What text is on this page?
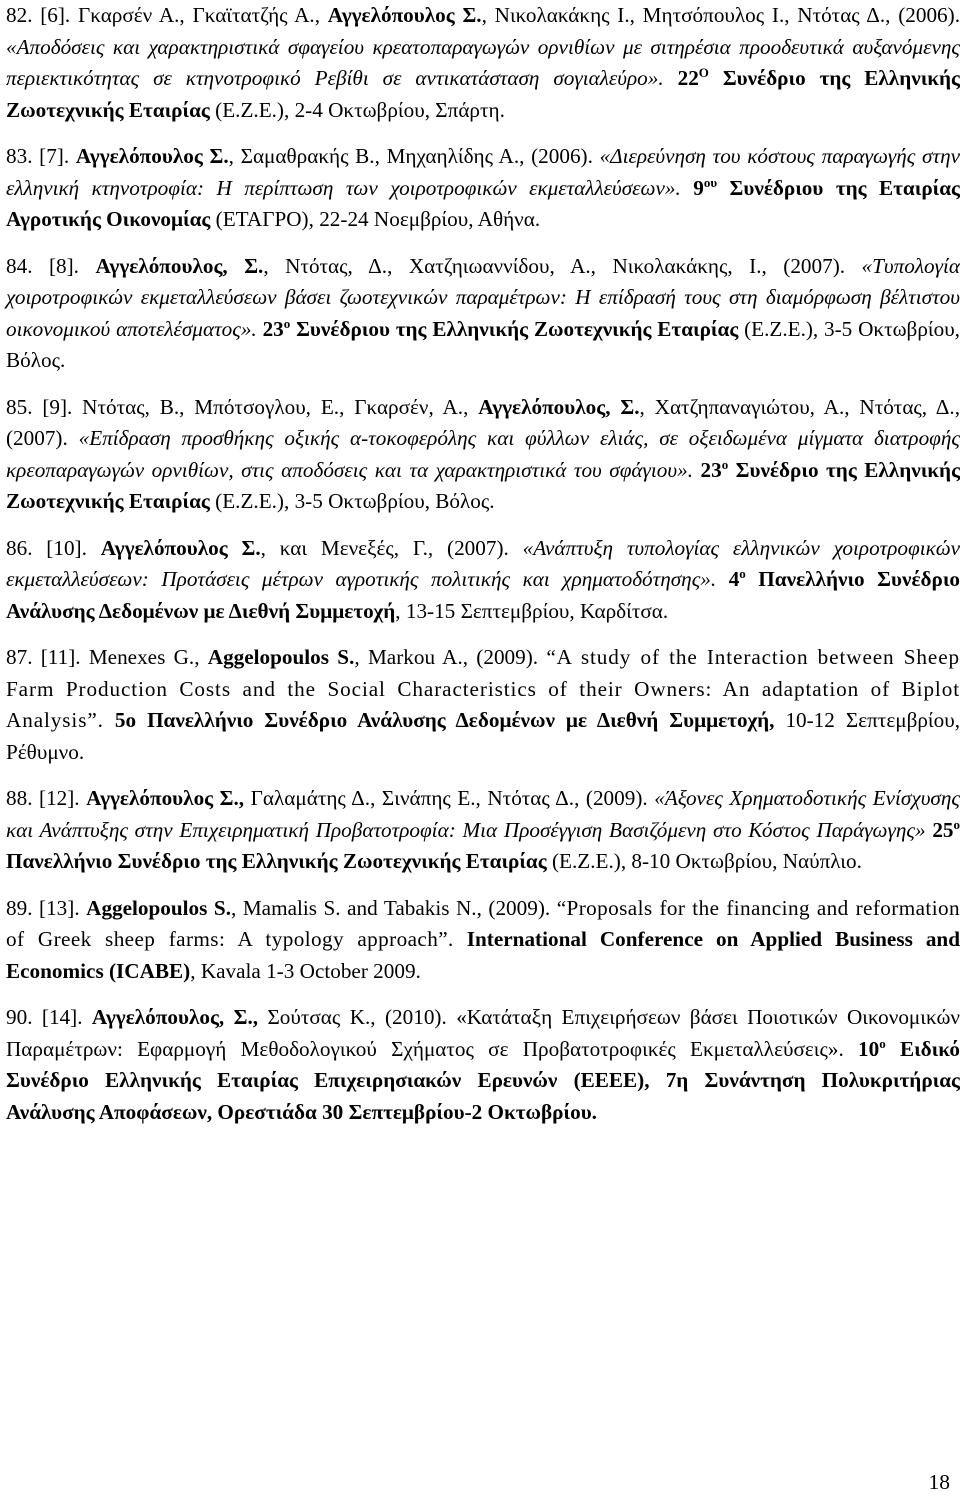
82. [6]. Γκαρσέν Α., Γκαϊτατζής Α., Αγγελόπουλος Σ., Νικολακάκης Ι., Μητσόπουλος Ι., Ντότας Δ., (2006). «Αποδόσεις και χαρακτηριστικά σφαγείου κρεατοπαραγωγών ορνιθίων με σιτηρέσια προοδευτικά αυξανόμενης περιεκτικότητας σε κτηνοτροφικό Ρεβίθι σε αντικατάσταση σογιαλεύρο». $22^O$ Συνέδριο της Ελληνικής Ζωοτεχνικής Εταιρίας (Ε.Ζ.Ε.), 2-4 Οκτωβρίου, Σπάρτη.

83. [7]. Αγγελόπουλος Σ., Σαμαθρακής Β., Μηχαηλίδης Α., (2006). «Διερεύνηση του κόστους παραγωγής στην ελληνική κτηνοτροφία: Η περίπτωση των χοιροτροφικών εκμεταλλεύσεων». $9^{o\upsilon}$ Συνέδριου της Εταιρίας Αγροτικής Οικονομίας (ΕΤΑΓΡΟ), 22-24 Νοεμβρίου, Αθήνα.

84. [8]. Αγγελόπουλος, Σ., Ντότας, Δ., Χατζηιωαννίδου, Α., Νικολακάκης, Ι., (2007). «Τυπολογία χοιροτροφικών εκμεταλλεύσεων βάσει ζωοτεχνικών παραμέτρων: Η επίδρασή τους στη διαμόρφωση βέλτιστου οικονομικού αποτελέσματος». $23^o$ Συνέδριου της Ελληνικής Ζωοτεχνικής Εταιρίας (Ε.Ζ.Ε.), 3-5 Οκτωβρίου, Βόλος.

85. [9]. Ντότας, Β., Μπότσογλου, Ε., Γκαρσέν, Α., Αγγελόπουλος, Σ., Χατζηπαναγιώτου, Α., Ντότας, Δ., (2007). «Επίδραση προσθήκης οξικής α-τοκοφερόλης και φύλλων ελιάς, σε οξειδωμένα μίγματα διατροφής κρεοπαραγωγών ορνιθίων, στις αποδόσεις και τα χαρακτηριστικά του σφάγιου». $23^o$ Συνέδριο της Ελληνικής Ζωοτεχνικής Εταιρίας (Ε.Ζ.Ε.), 3-5 Οκτωβρίου, Βόλος.

86. [10]. Αγγελόπουλος Σ., και Μενεξές, Γ., (2007). «Ανάπτυξη τυπολογίας ελληνικών χοιροτροφικών εκμεταλλεύσεων: Προτάσεις μέτρων αγροτικής πολιτικής και χρηματοδότησης». $4^o$ Πανελλήνιο Συνέδριο Ανάλυσης Δεδομένων με Διεθνή Συμμετοχή, 13-15 Σεπτεμβρίου, Καρδίτσα.

87. [11]. Menexes G., Aggelopoulos S., Markou A., (2009). “A study of the Interaction between Sheep Farm Production Costs and the Social Characteristics of their Owners: An adaptation of Biplot Analysis”. 5ο Πανελλήνιο Συνέδριο Ανάλυσης Δεδομένων με Διεθνή Συμμετοχή, 10-12 Σεπτεμβρίου, Ρέθυμνο.

88. [12]. Αγγελόπουλος Σ., Γαλαμάτης Δ., Σινάπης Ε., Ντότας Δ., (2009). «Άξονες Χρηματοδοτικής Ενίσχυσης και Ανάπτυξης στην Επιχειρηματική Προβατοτροφία: Μια Προσέγγιση Βασιζόμενη στο Κόστος Παράγωγης» $25^o$ Πανελλήνιο Συνέδριο της Ελληνικής Ζωοτεχνικής Εταιρίας (Ε.Ζ.Ε.), 8-10 Οκτωβρίου, Ναύπλιο.

89. [13]. Aggelopoulos S., Mamalis S. and Tabakis N., (2009). “Proposals for the financing and reformation of Greek sheep farms: A typology approach”. International Conference on Applied Business and Economics (ICABE), Kavala 1-3 October 2009.

90. [14]. Αγγελόπουλος, Σ., Σούτσας Κ., (2010). «Κατάταξη Επιχειρήσεων βάσει Ποιοτικών Οικονομικών Παραμέτρων: Εφαρμογή Μεθοδολογικού Σχήματος σε Προβατοτροφικές Εκμεταλλεύσεις». $10^o$ Ειδικό Συνέδριο Ελληνικής Εταιρίας Επιχειρησιακών Ερευνών (ΕΕΕΕ), 7η Συνάντηση Πολυκριτήριας Ανάλυσης Αποφάσεων, Ορεστιάδα 30 Σεπτεμβρίου-2 Οκτωβρίου.

18
